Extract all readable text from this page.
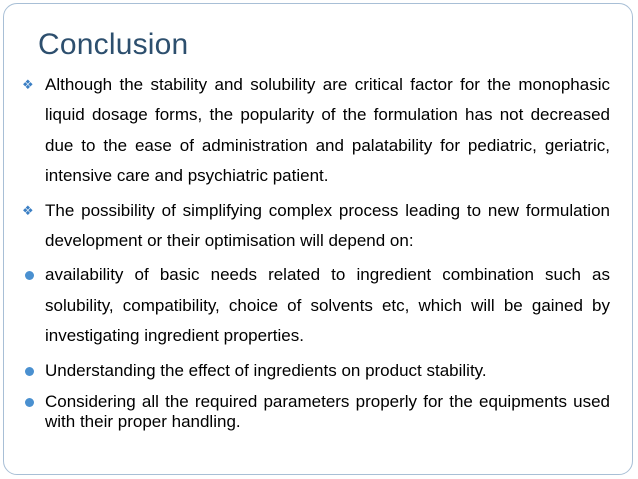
Conclusion
❖ Although the stability and solubility are critical factor for the monophasic liquid dosage forms, the popularity of the formulation has not decreased due to the ease of administration and palatability for pediatric, geriatric, intensive care and psychiatric patient.
❖ The possibility of simplifying complex process leading to new formulation development or their optimisation will depend on:
availability of basic needs related to ingredient combination such as solubility, compatibility, choice of solvents etc, which will be gained by investigating ingredient properties.
Understanding the effect of ingredients on product stability.
Considering all the required parameters properly for the equipments used with their proper handling.
